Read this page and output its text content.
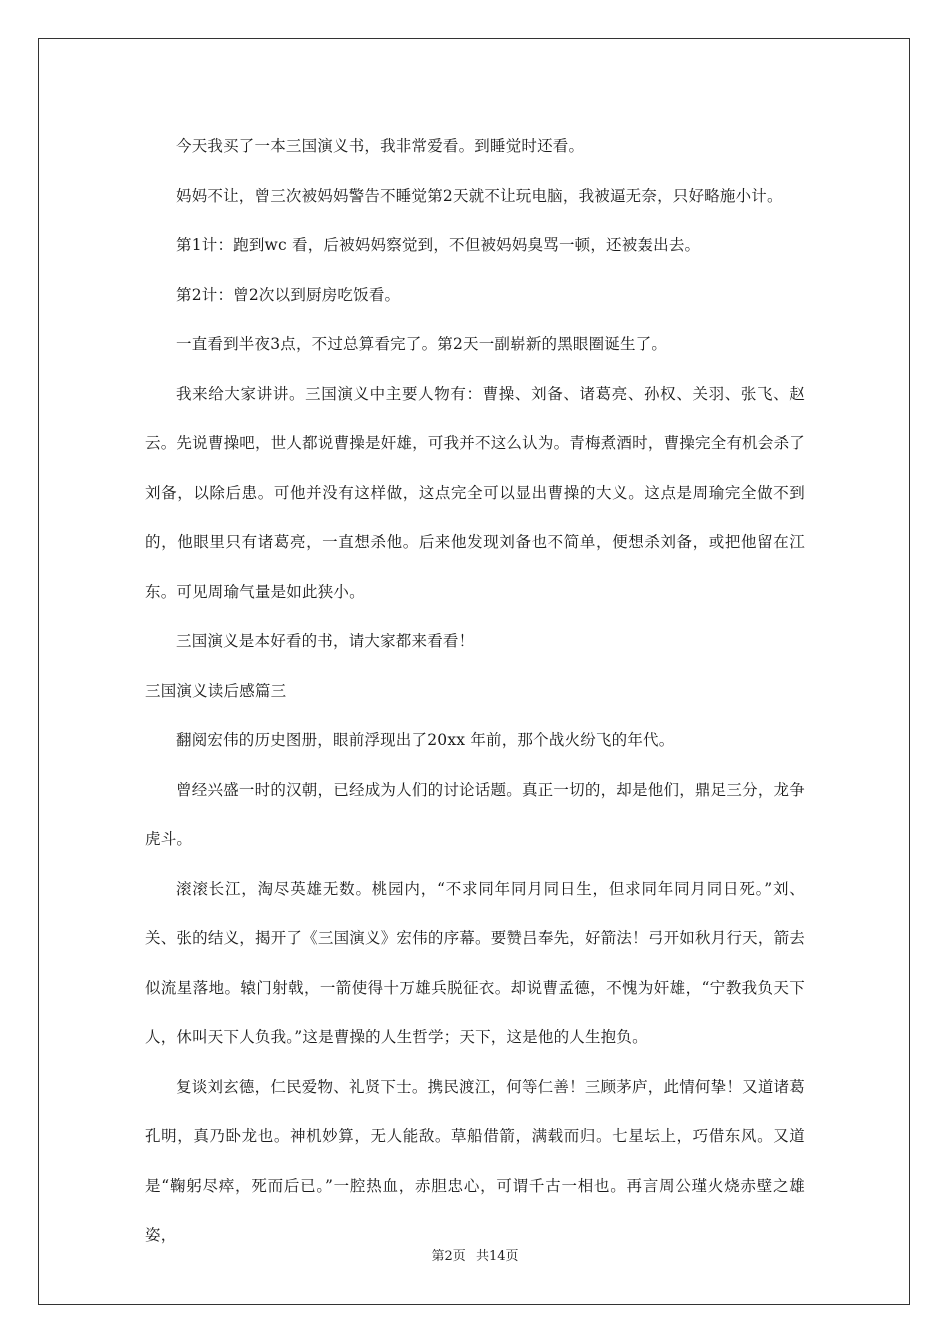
今天我买了一本三国演义书，我非常爱看。到睡觉时还看。

妈妈不让，曾三次被妈妈警告不睡觉第2天就不让玩电脑，我被逼无奈，只好略施小计。

第1计：跑到wc 看，后被妈妈察觉到，不但被妈妈臭骂一顿，还被轰出去。

第2计：曾2次以到厨房吃饭看。

一直看到半夜3点，不过总算看完了。第2天一副崭新的黑眼圈诞生了。

我来给大家讲讲。三国演义中主要人物有：曹操、刘备、诸葛亮、孙权、关羽、张飞、赵云。先说曹操吧，世人都说曹操是奸雄，可我并不这么认为。青梅煮酒时，曹操完全有机会杀了刘备，以除后患。可他并没有这样做，这点完全可以显出曹操的大义。这点是周瑜完全做不到的，他眼里只有诸葛亮，一直想杀他。后来他发现刘备也不简单，便想杀刘备，或把他留在江东。可见周瑜气量是如此狭小。

三国演义是本好看的书，请大家都来看看！

三国演义读后感篇三

翻阅宏伟的历史图册，眼前浮现出了20xx 年前，那个战火纷飞的年代。

曾经兴盛一时的汉朝，已经成为人们的讨论话题。真正一切的，却是他们，鼎足三分，龙争虎斗。

滚滚长江，淘尽英雄无数。桃园内，“不求同年同月同日生，但求同年同月同日死。”刘、关、张的结义，揭开了《三国演义》宏伟的序幕。要赞吕奉先，好箭法！弓开如秋月行天，箭去似流星落地。辕门射戟，一箭使得十万雄兵脱征衣。却说曹孟德，不愧为奸雄，“宁教我负天下人，休叫天下人负我。”这是曹操的人生哲学；天下，这是他的人生抱负。

复谈刘玄德，仁民爱物、礼贤下士。携民渡江，何等仁善！三顾茅庐，此情何挚！又道诸葛孔明，真乃卧龙也。神机妙算，无人能敌。草船借箭，满载而归。七星坛上，巧借东风。又道是“鞠躬尽瘁，死而后已。”一腔热血，赤胆忠心，可谓千古一相也。再言周公瑾火烧赤壁之雄姿，

第2页 共14页
